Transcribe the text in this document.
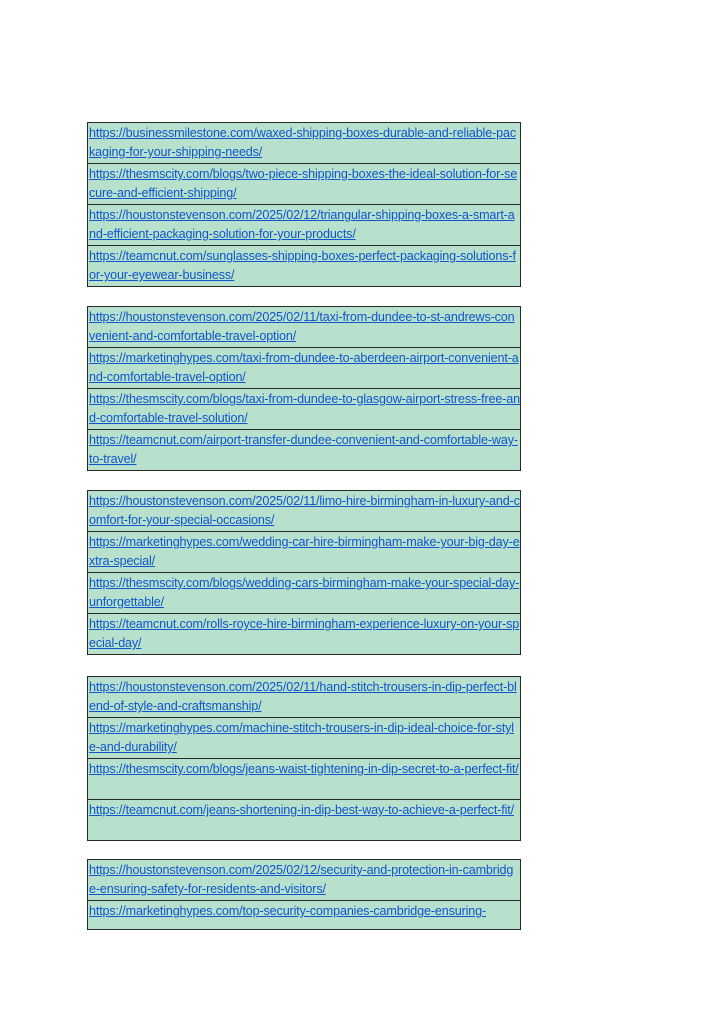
https://businessmilestone.com/waxed-shipping-boxes-durable-and-reliable-packaging-for-your-shipping-needs/
https://thesmscity.com/blogs/two-piece-shipping-boxes-the-ideal-solution-for-secure-and-efficient-shipping/
https://houstonstevenson.com/2025/02/12/triangular-shipping-boxes-a-smart-and-efficient-packaging-solution-for-your-products/
https://teamcnut.com/sunglasses-shipping-boxes-perfect-packaging-solutions-for-your-eyewear-business/
https://houstonstevenson.com/2025/02/11/taxi-from-dundee-to-st-andrews-convenient-and-comfortable-travel-option/
https://marketinghypes.com/taxi-from-dundee-to-aberdeen-airport-convenient-and-comfortable-travel-option/
https://thesmscity.com/blogs/taxi-from-dundee-to-glasgow-airport-stress-free-and-comfortable-travel-solution/
https://teamcnut.com/airport-transfer-dundee-convenient-and-comfortable-way-to-travel/
https://houstonstevenson.com/2025/02/11/limo-hire-birmingham-in-luxury-and-comfort-for-your-special-occasions/
https://marketinghypes.com/wedding-car-hire-birmingham-make-your-big-day-extra-special/
https://thesmscity.com/blogs/wedding-cars-birmingham-make-your-special-day-unforgettable/
https://teamcnut.com/rolls-royce-hire-birmingham-experience-luxury-on-your-special-day/
https://houstonstevenson.com/2025/02/11/hand-stitch-trousers-in-dip-perfect-blend-of-style-and-craftsmanship/
https://marketinghypes.com/machine-stitch-trousers-in-dip-ideal-choice-for-style-and-durability/
https://thesmscity.com/blogs/jeans-waist-tightening-in-dip-secret-to-a-perfect-fit/
https://teamcnut.com/jeans-shortening-in-dip-best-way-to-achieve-a-perfect-fit/
https://houstonstevenson.com/2025/02/12/security-and-protection-in-cambridge-ensuring-safety-for-residents-and-visitors/
https://marketinghypes.com/top-security-companies-cambridge-ensuring-
